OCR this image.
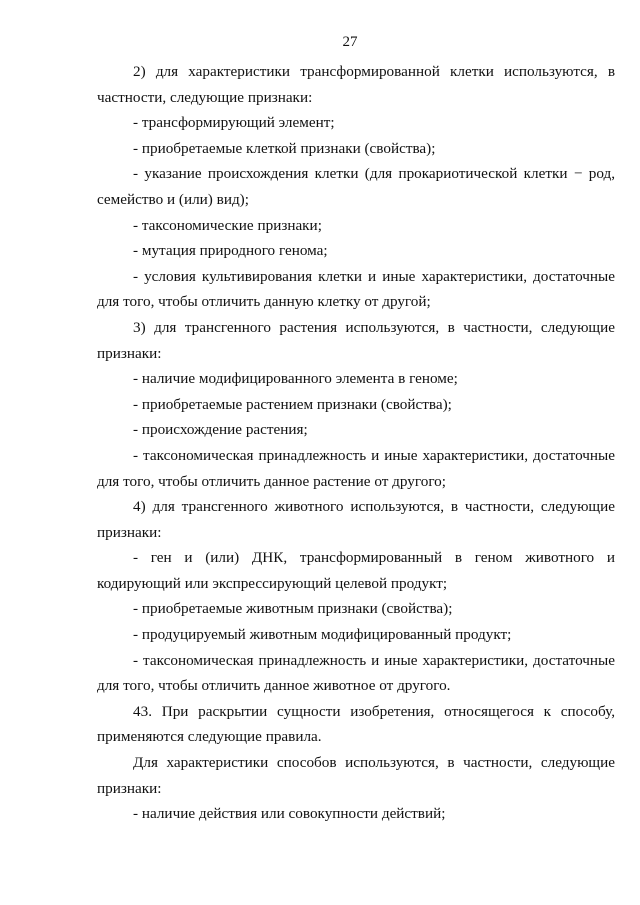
27

2) для характеристики трансформированной клетки используются, в частности, следующие признаки:

- трансформирующий элемент;

- приобретаемые клеткой признаки (свойства);

- указание происхождения клетки (для прокариотической клетки − род, семейство и (или) вид);

- таксономические признаки;

- мутация природного генома;

- условия культивирования клетки и иные характеристики, достаточные для того, чтобы отличить данную клетку от другой;

3) для трансгенного растения используются, в частности, следующие признаки:

- наличие модифицированного элемента в геноме;

- приобретаемые растением признаки (свойства);

- происхождение растения;

- таксономическая принадлежность и иные характеристики, достаточные для того, чтобы отличить данное растение от другого;

4) для трансгенного животного используются, в частности, следующие признаки:

- ген и (или) ДНК, трансформированный в геном животного и кодирующий или экспрессирующий целевой продукт;

- приобретаемые животным признаки (свойства);

- продуцируемый животным модифицированный продукт;

- таксономическая принадлежность и иные характеристики, достаточные для того, чтобы отличить данное животное от другого.

43. При раскрытии сущности изобретения, относящегося к способу, применяются следующие правила.

Для характеристики способов используются, в частности, следующие признаки:

- наличие действия или совокупности действий;
